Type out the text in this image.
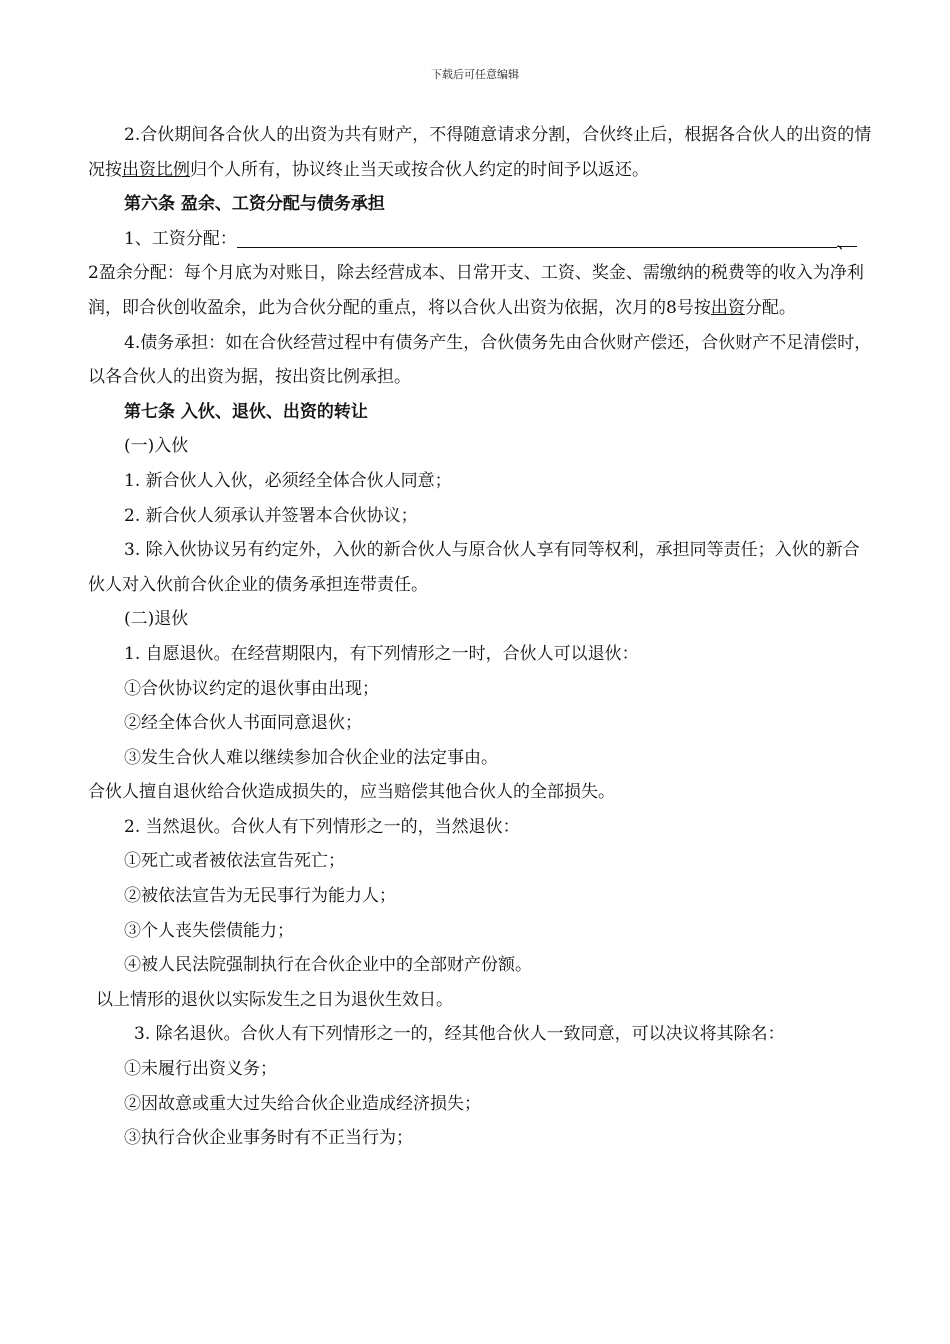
下载后可任意编辑

2.合伙期间各合伙人的出资为共有财产，不得随意请求分割，合伙终止后，根据各合伙人的出资的情况按出资比例归个人所有，协议终止当天或按合伙人约定的时间予以返还。

第六条 盈余、工资分配与债务承担

1、工资分配：	、

2盈余分配：每个月底为对账日，除去经营成本、日常开支、工资、奖金、需缴纳的税费等的收入为净利润，即合伙创收盈余，此为合伙分配的重点，将以合伙人出资为依据，次月的8号按出资分配。

4.债务承担：如在合伙经营过程中有债务产生，合伙债务先由合伙财产偿还，合伙财产不足清偿时，以各合伙人的出资为据，按出资比例承担。

第七条 入伙、退伙、出资的转让

(一)入伙

1. 新合伙人入伙，必须经全体合伙人同意；

2. 新合伙人须承认并签署本合伙协议；

3. 除入伙协议另有约定外，入伙的新合伙人与原合伙人享有同等权利，承担同等责任；入伙的新合伙人对入伙前合伙企业的债务承担连带责任。

(二)退伙

1. 自愿退伙。在经营期限内，有下列情形之一时，合伙人可以退伙：

①合伙协议约定的退伙事由出现；

②经全体合伙人书面同意退伙；

③发生合伙人难以继续参加合伙企业的法定事由。

合伙人擅自退伙给合伙造成损失的，应当赔偿其他合伙人的全部损失。

2. 当然退伙。合伙人有下列情形之一的，当然退伙：

①死亡或者被依法宣告死亡；

②被依法宣告为无民事行为能力人；

③个人丧失偿债能力；

④被人民法院强制执行在合伙企业中的全部财产份额。

以上情形的退伙以实际发生之日为退伙生效日。

3. 除名退伙。合伙人有下列情形之一的，经其他合伙人一致同意，可以决议将其除名：

①未履行出资义务；

②因故意或重大过失给合伙企业造成经济损失；

③执行合伙企业事务时有不正当行为；
